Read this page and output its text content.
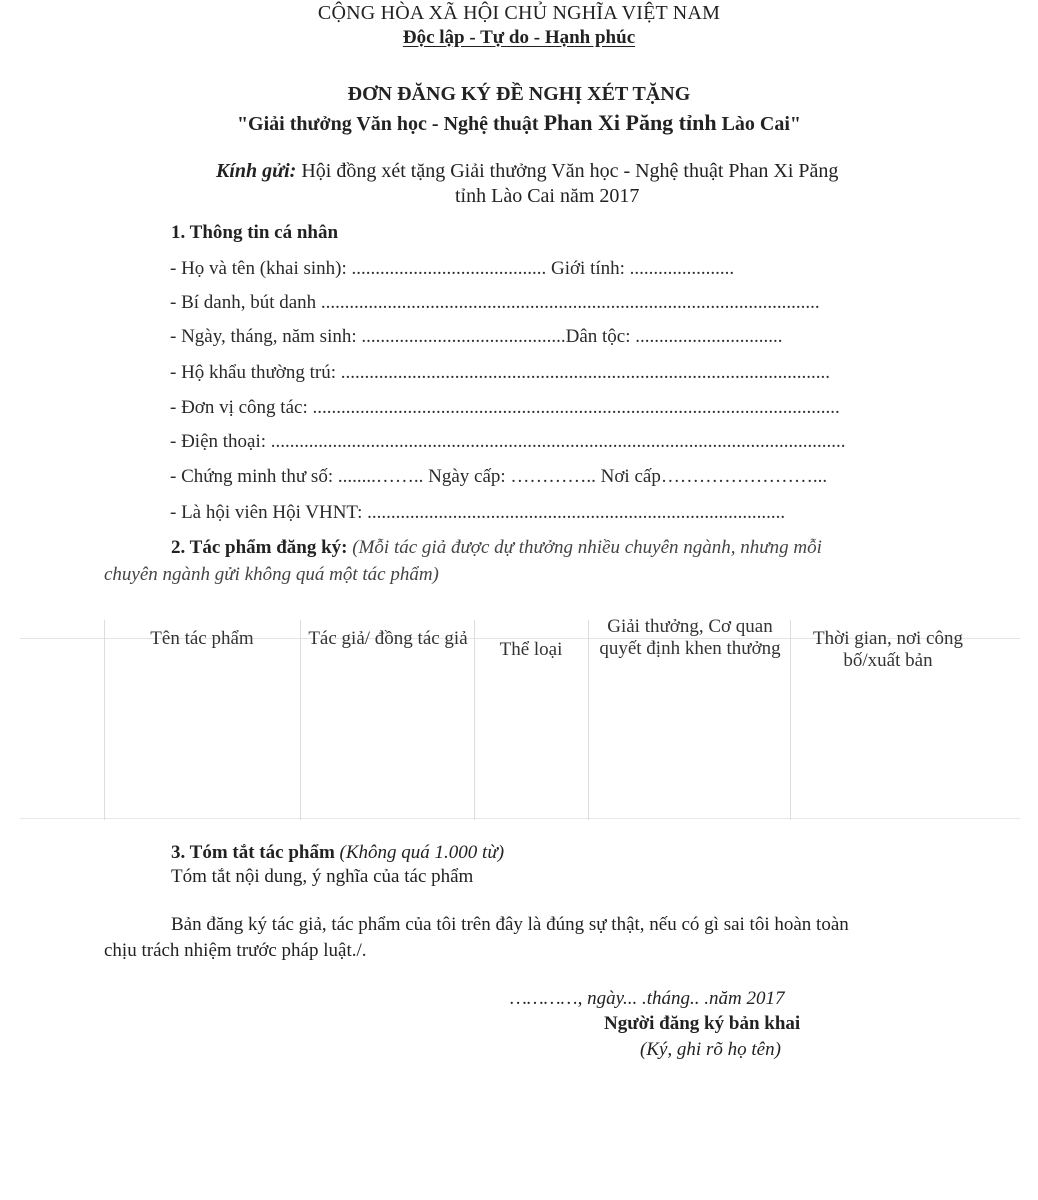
CỘNG HÒA XÃ HỘI CHỦ NGHĨA VIỆT NAM
Độc lập - Tự do - Hạnh phúc
ĐƠN ĐĂNG KÝ ĐỀ NGHỊ XÉT TẶNG
"Giải thưởng Văn học - Nghệ thuật Phan Xi Păng tỉnh Lào Cai"
Kính gửi: Hội đồng xét tặng Giải thưởng Văn học - Nghệ thuật Phan Xi Păng
tỉnh Lào Cai năm 2017
1. Thông tin cá nhân
- Họ và tên (khai sinh): ......................................... Giới tính: ......................
- Bí danh, bút danh .........................................................................................................
- Ngày, tháng, năm sinh: ...........................................Dân tộc: ...............................
- Hộ khẩu thường trú: .......................................................................................................
- Đơn vị công tác: ...............................................................................................................
- Điện thoại: .........................................................................................................................
- Chứng minh thư số: ........…….. Ngày cấp: ………….. Nơi cấp……………………...
- Là hội viên Hội VHNT: ........................................................................................
2. Tác phẩm đăng ký: (Mỗi tác giả được dự thưởng nhiều chuyên ngành, nhưng mỗi
chuyên ngành gửi không quá một tác phẩm)
Tên tác phẩm	Tác giả/ đồng tác giả
Thể loại
Giải thưởng, Cơ quan quyết định khen thưởng	Thời gian, nơi công bố/xuất bản
3. Tóm tắt tác phẩm (Không quá 1.000 từ)
Tóm tắt nội dung, ý nghĩa của tác phẩm
Bản đăng ký tác giả, tác phẩm của tôi trên đây là đúng sự thật, nếu có gì sai tôi hoàn toàn
chịu trách nhiệm trước pháp luật./.
…………, ngày... .tháng.. .năm 2017
Người đăng ký bản khai
(Ký, ghi rõ họ tên)
